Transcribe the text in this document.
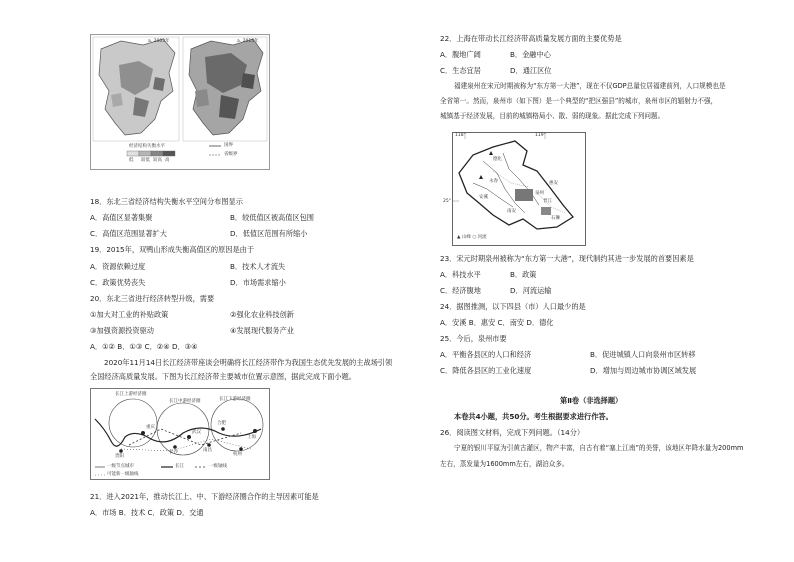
a. 2003年	a. 2015年
经济结构失衡水平
低 较低 较高 高
国界
省级界
18．东北三省经济结构失衡水平空间分布图显示
A．高值区显著集聚	B．较低值区被高值区包围
C．高值区范围显著扩大	D．低值区范围有所缩小
19．2015年，双鸭山形成失衡高值区的原因是由于
A．资源依赖过度	B．技术人才流失
C．政策优势丧失	D．市场需求缩小
20．东北三省进行经济转型升级，需要
①加大对工业的补贴政策	②强化农业科技创新
③加强资源投资驱动	④发展现代服务产业
A．①② B．①③ C．②④ D．③④
2020年11月14日长江经济带座谈会明确将长江经济带作为我国生态优先发展的主战场引领
全国经济高质量发展。下图为长江经济带主要城市位置示意图，据此完成下面小题。
长江上游经济圈
长江中游经济圈	长江下游经济圈
重庆
武汉
上海
杭州
长沙	南昌
合肥
贵阳
一级节点城市	长江	一级轴线
可能新一级轴线
21．进入2021年，推动长江上、中、下游经济圈合作的主导因素可能是
A．市场 B．技术 C．政策 D．交通
22．上海在带动长江经济带高质量发展方面的主要优势是
A．腹地广阔	B．金融中心
C．生态宜居	D．通江区位
福建泉州在宋元时期被称为“东方第一大港”，现在不仅GDP总量位居福建前列，人口规模也是
全省第一。然而，泉州市（如下图）是一个典型的“把区强县”的城市，泉州市区的辐射力不强，
城镇基于经济发展，目前的城镇格局小、散、弱的现象。据此完成下列问题。
118°	119°
25°
德化
永春
安溪
南安
泉州
晋江
石狮
惠安
▲ 山峰 ○ 河流
23．宋元时期泉州被称为“东方第一大港”，现代制约其进一步发展的首要因素是
A．科技水平	B．政策
C．经济腹地	D．河流运输
24．据图推测，以下四县（市）人口最少的是
A．安溪 B．惠安 C．南安 D．德化
25．今后，泉州市要
A．平衡各县区的人口和经济	B．促进城镇人口向泉州市区转移
C．降低各县区的工业化速度	D．增加与周边城市协调区域发展
第Ⅱ卷（非选择题）
本卷共4小题，共50分。考生根据要求进行作答。
26．阅读图文材料，完成下列问题。（14分）
宁夏的银川平原为引黄古灌区，物产丰富，自古有着“塞上江南”的美誉，该地区年降水量为200mm
左右，蒸发量为1600mm左右，湖泊众多。
